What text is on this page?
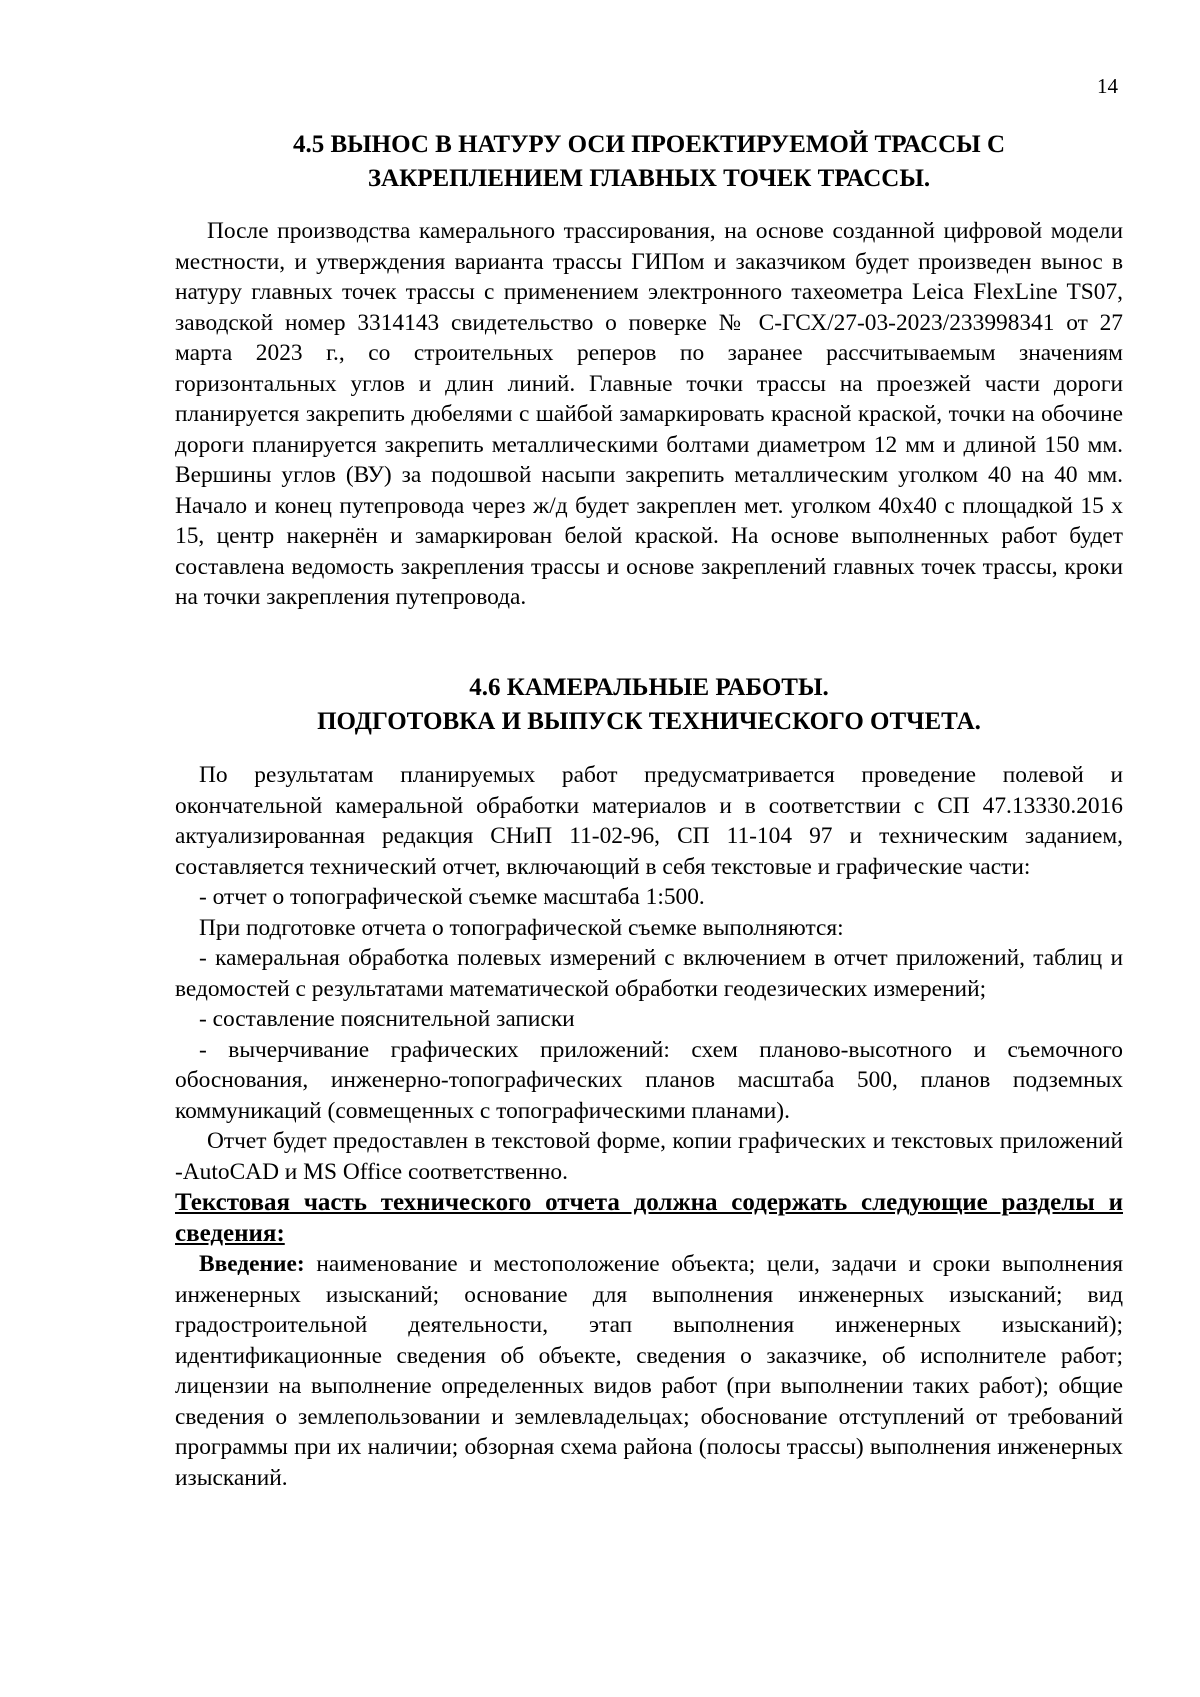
14
4.5 ВЫНОС В НАТУРУ ОСИ ПРОЕКТИРУЕМОЙ ТРАССЫ С
ЗАКРЕПЛЕНИЕМ ГЛАВНЫХ ТОЧЕК ТРАССЫ.

После производства камерального трассирования, на основе созданной цифровой модели местности, и утверждения варианта трассы ГИПом и заказчиком будет произведен вынос в натуру главных точек трассы с применением электронного тахеометра Leica FlexLine TS07, заводской номер 3314143 свидетельство о поверке № С-ГСХ/27-03-2023/233998341 от 27 марта 2023 г., со строительных реперов по заранее рассчитываемым значениям горизонтальных углов и длин линий. Главные точки трассы на проезжей части дороги планируется закрепить дюбелями с шайбой замаркировать красной краской, точки на обочине дороги планируется закрепить металлическими болтами диаметром 12 мм и длиной 150 мм. Вершины углов (ВУ) за подошвой насыпи закрепить металлическим уголком 40 на 40 мм. Начало и конец путепровода через ж/д будет закреплен мет. уголком 40х40 с площадкой 15 х 15, центр накернён и замаркирован белой краской. На основе выполненных работ будет составлена ведомость закрепления трассы и основе закреплений главных точек трассы, кроки на точки закрепления путепровода.

4.6 КАМЕРАЛЬНЫЕ РАБОТЫ.
ПОДГОТОВКА И ВЫПУСК ТЕХНИЧЕСКОГО ОТЧЕТА.

По результатам планируемых работ предусматривается проведение полевой и окончательной камеральной обработки материалов и в соответствии с СП 47.13330.2016 актуализированная редакция СНиП 11-02-96, СП 11-104 97 и техническим заданием, составляется технический отчет, включающий в себя текстовые и графические части:

- отчет о топографической съемке масштаба 1:500.

При подготовке отчета о топографической съемке выполняются:

- камеральная обработка полевых измерений с включением в отчет приложений, таблиц и ведомостей с результатами математической обработки геодезических измерений;

- составление пояснительной записки

- вычерчивание графических приложений: схем планово-высотного и съемочного обоснования, инженерно-топографических планов масштаба 500, планов подземных коммуникаций (совмещенных с топографическими планами).

Отчет будет предоставлен в текстовой форме, копии графических и текстовых приложений -AutoCAD и MS Office соответственно.

Текстовая часть технического отчета должна содержать следующие разделы и сведения:

Введение: наименование и местоположение объекта; цели, задачи и сроки выполнения инженерных изысканий; основание для выполнения инженерных изысканий; вид градостроительной деятельности, этап выполнения инженерных изысканий); идентификационные сведения об объекте, сведения о заказчике, об исполнителе работ; лицензии на выполнение определенных видов работ (при выполнении таких работ); общие сведения о землепользовании и землевладельцах; обоснование отступлений от требований программы при их наличии; обзорная схема района (полосы трассы) выполнения инженерных изысканий.
